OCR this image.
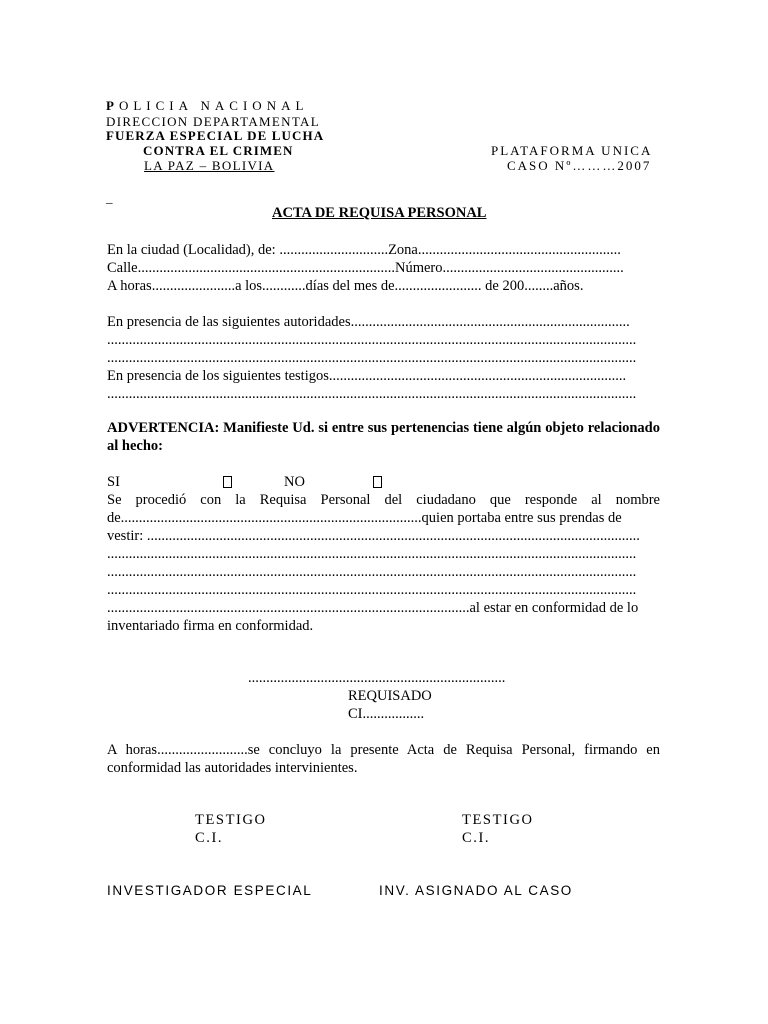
POLICIA NACIONAL
DIRECCION DEPARTAMENTAL
FUERZA ESPECIAL DE LUCHA
CONTRA EL CRIMEN
LA PAZ – BOLIVIA
PLATAFORMA UNICA
CASO Nº………2007
_
ACTA DE REQUISA PERSONAL
En la ciudad (Localidad), de: ..............................Zona........................................................
Calle.......................................................................Número..................................................
A horas.......................a los............días del mes de........................ de 200........años.
En presencia de las siguientes autoridades.............................................................................
..................................................................................................................................................
..................................................................................................................................................
En presencia de los siguientes testigos..................................................................................
..................................................................................................................................................
ADVERTENCIA: Manifieste Ud. si entre sus pertenencias tiene algún objeto relacionado al hecho:
SI	NO
Se procedió con la Requisa Personal del ciudadano que responde al nombre
de...................................................................................quien portaba entre sus prendas de
vestir: ........................................................................................................................................
..................................................................................................................................................
..................................................................................................................................................
..................................................................................................................................................
....................................................................................................al estar en conformidad de lo
inventariado firma en conformidad.
.......................................................................
REQUISADO
CI.................
A horas.........................se concluyo la presente Acta de Requisa Personal, firmando en
conformidad las autoridades intervinientes.
TESTIGO
C.I.
TESTIGO
C.I.
INVESTIGADOR ESPECIAL	INV. ASIGNADO AL CASO
